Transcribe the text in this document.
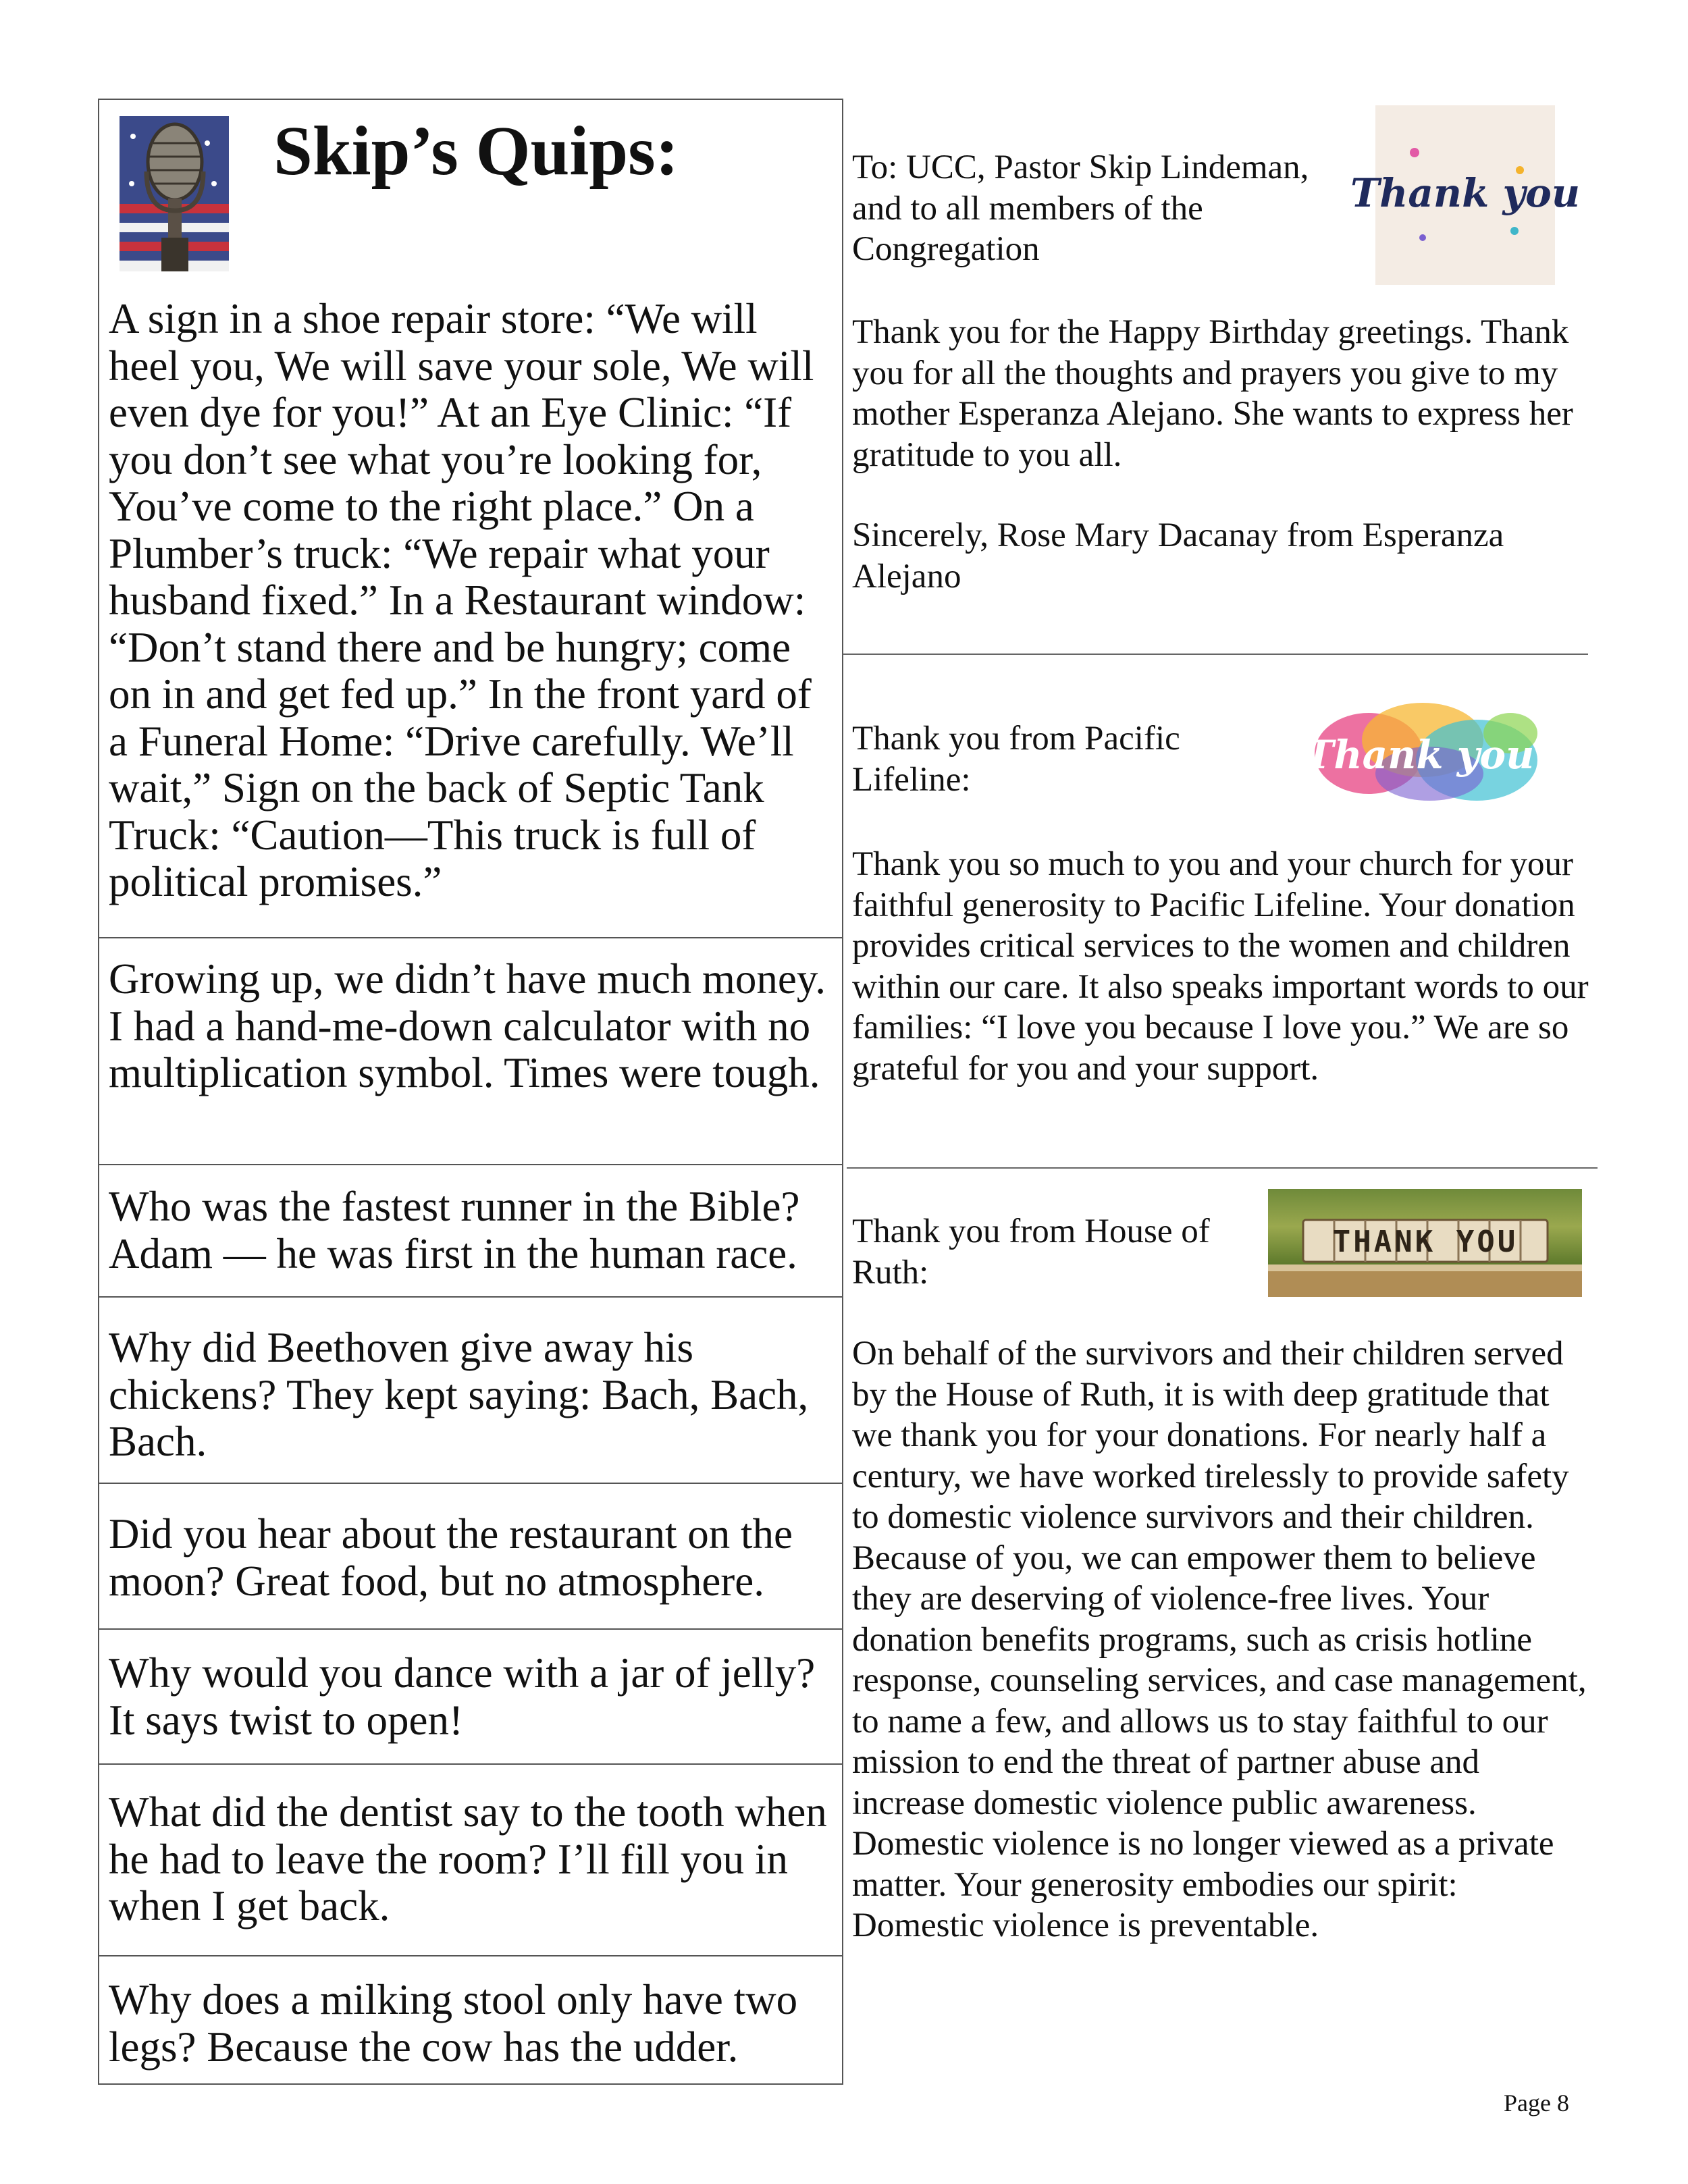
Skip’s Quips:

A sign in a shoe repair store: “We will heel you, We will save your sole, We will even dye for you!” At an Eye Clinic: “If you don’t see what you’re looking for, You’ve come to the right place.” On a Plumber’s truck: “We repair what your husband fixed.” In a Restaurant window: “Don’t stand there and be hungry; come on in and get fed up.” In the front yard of a Funeral Home: “Drive carefully. We’ll wait,” Sign on the back of Septic Tank Truck: “Caution—This truck is full of political promises.”

Growing up, we didn’t have much money. I had a hand-me-down calculator with no multiplication symbol. Times were tough.

Who was the fastest runner in the Bible? Adam — he was first in the human race.

Why did Beethoven give away his chickens? They kept saying: Bach, Bach, Bach.

Did you hear about the restaurant on the moon? Great food, but no atmosphere.

Why would you dance with a jar of jelly? It says twist to open!

What did the dentist say to the tooth when he had to leave the room? I’ll fill you in when I get back.

Why does a milking stool only have two legs? Because the cow has the udder.

To: UCC, Pastor Skip Lindeman, and to all members of the Congregation

Thank you

Thank you for the Happy Birthday greetings. Thank you for all the thoughts and prayers you give to my mother Esperanza Alejano. She wants to express her gratitude to you all.

Sincerely, Rose Mary Dacanay from Esperanza Alejano

Thank you from Pacific Lifeline:

Thank you!

Thank you so much to you and your church for your faithful generosity to Pacific Lifeline. Your donation provides critical services to the women and children within our care. It also speaks important words to our families: “I love you because I love you.” We are so grateful for you and your support.

Thank you from House of Ruth:

THANK YOU

On behalf of the survivors and their children served by the House of Ruth, it is with deep gratitude that we thank you for your donations. For nearly half a century, we have worked tirelessly to provide safety to domestic violence survivors and their children. Because of you, we can empower them to believe they are deserving of violence-free lives. Your donation benefits programs, such as crisis hotline response, counseling services, and case management, to name a few, and allows us to stay faithful to our mission to end the threat of partner abuse and increase domestic violence public awareness. Domestic violence is no longer viewed as a private matter. Your generosity embodies our spirit: Domestic violence is preventable.

Page 8
